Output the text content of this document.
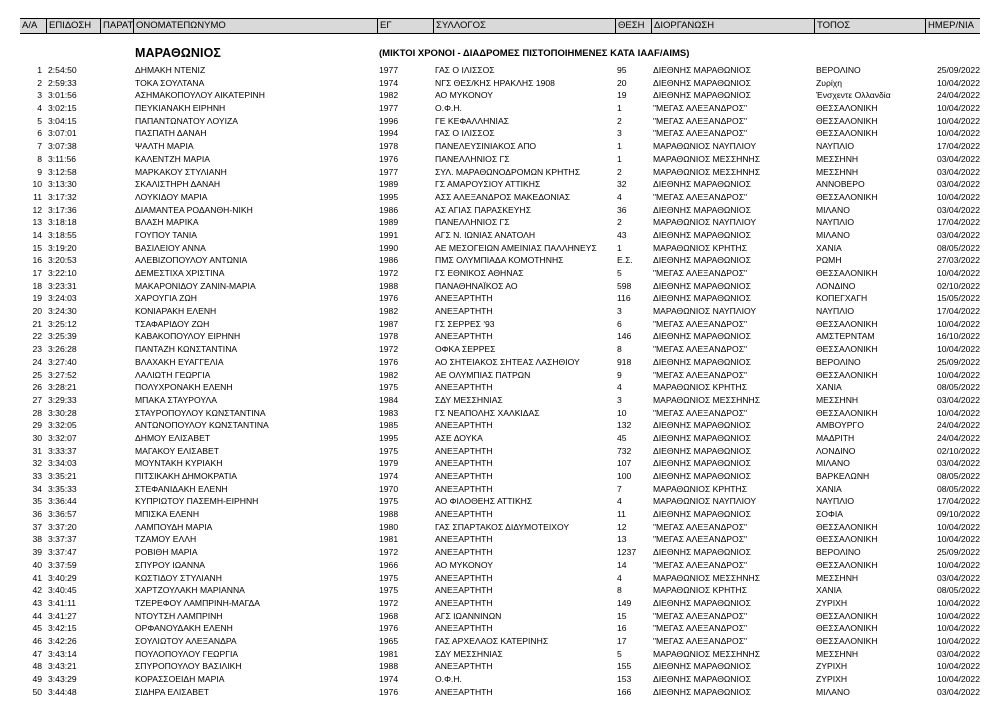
Α/Α	ΕΠΙΔΟΣΗ	ΠΑΡΑΤ ΟΝΟΜΑΤΕΠΩΝΥΜΟ	ΕΓ	ΣΥΛΛΟΓΟΣ	ΘΕΣΗ	ΔΙΟΡΓΑΝΩΣΗ	ΤΟΠΟΣ	ΗΜΕΡ/ΝΙΑ
ΜΑΡΑΘΩΝΙΟΣ	(ΜΙΚΤΟΙ ΧΡΟΝΟΙ - ΔΙΑΔΡΟΜΕΣ ΠΙΣΤΟΠΟΙΗΜΕΝΕΣ ΚΑΤΑ IAAF/AIMS)
1 2:54:50	ΔΗΜΑΚΗ ΝΤΕΝΙΖ	1977	ΓΑΣ Ο ΙΛΙΣΣΟΣ	95	ΔΙΕΘΝΗΣ ΜΑΡΑΘΩΝΙΟΣ	ΒΕΡΟΛΙΝΟ	25/09/2022
2 2:59:33	ΤΟΚΑ ΣΟΥΛΤΑΝΑ	1974	ΝΓΣ ΘΕΣ/ΚΗΣ ΗΡΑΚΛΗΣ 1908	20	ΔΙΕΘΝΗΣ ΜΑΡΑΘΩΝΙΟΣ	Ζυρίχη	10/04/2022
3 3:01:56	ΑΣΗΜΑΚΟΠΟΥΛΟΥ ΑΙΚΑΤΕΡΙΝΗ	1982	ΑΟ ΜΥΚΟΝΟΥ	19	ΔΙΕΘΝΗΣ ΜΑΡΑΘΩΝΙΟΣ	Ένσχεντε Ολλανδία	24/04/2022
4 3:02:15	ΠΕΥΚΙΑΝΑΚΗ ΕΙΡΗΝΗ	1977	Ο.Φ.Η.	1	"ΜΕΓΑΣ ΑΛΕΞΑΝΔΡΟΣ"	ΘΕΣΣΑΛΟΝΙΚΗ	10/04/2022
5 3:04:15	ΠΑΠΑΝΤΩΝΑΤΟΥ ΛΟΥΙΖΑ	1996	ΓΕ ΚΕΦΑΛΛΗΝΙΑΣ	2	"ΜΕΓΑΣ ΑΛΕΞΑΝΔΡΟΣ"	ΘΕΣΣΑΛΟΝΙΚΗ	10/04/2022
6 3:07:01	ΠΑΣΠΑΤΗ ΔΑΝΑΗ	1994	ΓΑΣ Ο ΙΛΙΣΣΟΣ	3	"ΜΕΓΑΣ ΑΛΕΞΑΝΔΡΟΣ"	ΘΕΣΣΑΛΟΝΙΚΗ	10/04/2022
7 3:07:38	ΨΑΛΤΗ ΜΑΡΙΑ	1978	ΠΑΝΕΛΕΥΣΙΝΙΑΚΟΣ ΑΠΟ	1	ΜΑΡΑΘΩΝΙΟΣ ΝΑΥΠΛΙΟΥ	ΝΑΥΠΛΙΟ	17/04/2022
8 3:11:56	ΚΑΛΕΝΤΖΗ ΜΑΡΙΑ	1976	ΠΑΝΕΛΛΗΝΙΟΣ ΓΣ	1	ΜΑΡΑΘΩΝΙΟΣ ΜΕΣΣΗΝΗΣ	ΜΕΣΣΗΝΗ	03/04/2022
9 3:12:58	ΜΑΡΚΑΚΟΥ ΣΤΥΛΙΑΝΗ	1977	ΣΥΛ. ΜΑΡΑΘΩΝΟΔΡΟΜΩΝ ΚΡΗΤΗΣ	2	ΜΑΡΑΘΩΝΙΟΣ ΜΕΣΣΗΝΗΣ	ΜΕΣΣΗΝΗ	03/04/2022
10 3:13:30	ΣΚΑΛΙΣΤΗΡΗ ΔΑΝΑΗ	1989	ΓΣ ΑΜΑΡΟΥΣΙΟΥ ΑΤΤΙΚΗΣ	32	ΔΙΕΘΝΗΣ ΜΑΡΑΘΩΝΙΟΣ	ΑΝΝΟΒΕΡΟ	03/04/2022
11 3:17:32	ΛΟΥΚΙΔΟΥ ΜΑΡΙΑ	1995	ΑΣΣ ΑΛΕΞΑΝΔΡΟΣ ΜΑΚΕΔΟΝΙΑΣ	4	"ΜΕΓΑΣ ΑΛΕΞΑΝΔΡΟΣ"	ΘΕΣΣΑΛΟΝΙΚΗ	10/04/2022
12 3:17:36	ΔΙΑΜΑΝΤΕΑ ΡΟΔΑΝΘΗ-ΝΙΚΗ	1986	ΑΣ ΑΓΙΑΣ ΠΑΡΑΣΚΕΥΗΣ	36	ΔΙΕΘΝΗΣ ΜΑΡΑΘΩΝΙΟΣ	ΜΙΛΑΝΟ	03/04/2022
13 3:18:18	ΒΛΑΣΗ ΜΑΡΙΚΑ	1989	ΠΑΝΕΛΛΗΝΙΟΣ ΓΣ	2	ΜΑΡΑΘΩΝΙΟΣ ΝΑΥΠΛΙΟΥ	ΝΑΥΠΛΙΟ	17/04/2022
14 3:18:55	ΓΟΥΠΟΥ ΤΑΝΙΑ	1991	ΑΓΣ Ν. ΙΩΝΙΑΣ ΑΝΑΤΟΛΗ	43	ΔΙΕΘΝΗΣ ΜΑΡΑΘΩΝΙΟΣ	ΜΙΛΑΝΟ	03/04/2022
15 3:19:20	ΒΑΣΙΛΕΙΟΥ ΑΝΝΑ	1990	ΑΕ ΜΕΣΟΓΕΙΩΝ ΑΜΕΙΝΙΑΣ ΠΑΛΛΗΝΕΥΣ	1	ΜΑΡΑΘΩΝΙΟΣ ΚΡΗΤΗΣ	ΧΑΝΙΑ	08/05/2022
16 3:20:53	ΑΛΕΒΙΖΟΠΟΥΛΟΥ ΑΝΤΩΝΙΑ	1986	ΠΜΣ ΟΛΥΜΠΙΑΔΑ ΚΟΜΟΤΗΝΗΣ	Ε.Σ.	ΔΙΕΘΝΗΣ ΜΑΡΑΘΩΝΙΟΣ	ΡΩΜΗ	27/03/2022
17 3:22:10	ΔΕΜΕΣΤΙΧΑ ΧΡΙΣΤΙΝΑ	1972	ΓΣ ΕΘΝΙΚΟΣ ΑΘΗΝΑΣ	5	"ΜΕΓΑΣ ΑΛΕΞΑΝΔΡΟΣ"	ΘΕΣΣΑΛΟΝΙΚΗ	10/04/2022
18 3:23:31	ΜΑΚΑΡΟΝΙΔΟΥ ΖΑΝΙΝ-ΜΑΡΙΑ	1988	ΠΑΝΑΘΗΝΑΪΚΟΣ ΑΟ	598	ΔΙΕΘΝΗΣ ΜΑΡΑΘΩΝΙΟΣ	ΛΟΝΔΙΝΟ	02/10/2022
19 3:24:03	ΧΑΡΟΥΓΙΑ ΖΩΗ	1976	ΑΝΕΞΑΡΤΗΤΗ	116	ΔΙΕΘΝΗΣ ΜΑΡΑΘΩΝΙΟΣ	ΚΟΠΕΓΧΑΓΗ	15/05/2022
20 3:24:30	ΚΟΝΙΑΡΑΚΗ ΕΛΕΝΗ	1982	ΑΝΕΞΑΡΤΗΤΗ	3	ΜΑΡΑΘΩΝΙΟΣ ΝΑΥΠΛΙΟΥ	ΝΑΥΠΛΙΟ	17/04/2022
21 3:25:12	ΤΣΑΦΑΡΙΔΟΥ ΖΩΗ	1987	ΓΣ ΣΕΡΡΕΣ '93	6	"ΜΕΓΑΣ ΑΛΕΞΑΝΔΡΟΣ"	ΘΕΣΣΑΛΟΝΙΚΗ	10/04/2022
22 3:25:39	ΚΑΒΑΚΟΠΟΥΛΟΥ ΕΙΡΗΝΗ	1978	ΑΝΕΞΑΡΤΗΤΗ	146	ΔΙΕΘΝΗΣ ΜΑΡΑΘΩΝΙΟΣ	ΑΜΣΤΕΡΝΤΑΜ	16/10/2022
23 3:26:28	ΠΑΝΤΑΖΗ ΚΩΝΣΤΑΝΤΙΝΑ	1972	ΟΦΚΑ ΣΕΡΡΕΣ	8	"ΜΕΓΑΣ ΑΛΕΞΑΝΔΡΟΣ"	ΘΕΣΣΑΛΟΝΙΚΗ	10/04/2022
24 3:27:40	ΒΛΑΧΑΚΗ ΕΥΑΓΓΕΛΙΑ	1976	ΑΟ ΣΗΤΕΙΑΚΟΣ ΣΗΤΕΑΣ ΛΑΣΗΘΙΟΥ	918	ΔΙΕΘΝΗΣ ΜΑΡΑΘΩΝΙΟΣ	ΒΕΡΟΛΙΝΟ	25/09/2022
25 3:27:52	ΛΑΛΙΩΤΗ ΓΕΩΡΓΙΑ	1982	ΑΕ ΟΛΥΜΠΙΑΣ ΠΑΤΡΩΝ	9	"ΜΕΓΑΣ ΑΛΕΞΑΝΔΡΟΣ"	ΘΕΣΣΑΛΟΝΙΚΗ	10/04/2022
26 3:28:21	ΠΟΛΥΧΡΟΝΑΚΗ ΕΛΕΝΗ	1975	ΑΝΕΞΑΡΤΗΤΗ	4	ΜΑΡΑΘΩΝΙΟΣ ΚΡΗΤΗΣ	ΧΑΝΙΑ	08/05/2022
27 3:29:33	ΜΠΑΚΑ ΣΤΑΥΡΟΥΛΑ	1984	ΣΔΥ ΜΕΣΣΗΝΙΑΣ	3	ΜΑΡΑΘΩΝΙΟΣ ΜΕΣΣΗΝΗΣ	ΜΕΣΣΗΝΗ	03/04/2022
28 3:30:28	ΣΤΑΥΡΟΠΟΥΛΟΥ ΚΩΝΣΤΑΝΤΙΝΑ	1983	ΓΣ ΝΕΑΠΟΛΗΣ ΧΑΛΚΙΔΑΣ	10	"ΜΕΓΑΣ ΑΛΕΞΑΝΔΡΟΣ"	ΘΕΣΣΑΛΟΝΙΚΗ	10/04/2022
29 3:32:05	ΑΝΤΩΝΟΠΟΥΛΟΥ ΚΩΝΣΤΑΝΤΙΝΑ	1985	ΑΝΕΞΑΡΤΗΤΗ	132	ΔΙΕΘΝΗΣ ΜΑΡΑΘΩΝΙΟΣ	ΑΜΒΟΥΡΓΟ	24/04/2022
30 3:32:07	ΔΗΜΟΥ ΕΛΙΣΑΒΕΤ	1995	ΑΣΕ ΔΟΥΚΑ	45	ΔΙΕΘΝΗΣ ΜΑΡΑΘΩΝΙΟΣ	ΜΑΔΡΙΤΗ	24/04/2022
31 3:33:37	ΜΑΓΑΚΟΥ ΕΛΙΣΑΒΕΤ	1975	ΑΝΕΞΑΡΤΗΤΗ	732	ΔΙΕΘΝΗΣ ΜΑΡΑΘΩΝΙΟΣ	ΛΟΝΔΙΝΟ	02/10/2022
32 3:34:03	ΜΟΥΝΤΑΚΗ ΚΥΡΙΑΚΗ	1979	ΑΝΕΞΑΡΤΗΤΗ	107	ΔΙΕΘΝΗΣ ΜΑΡΑΘΩΝΙΟΣ	ΜΙΛΑΝΟ	03/04/2022
33 3:35:21	ΠΙΤΣΙΚΑΚΗ ΔΗΜΟΚΡΑΤΙΑ	1974	ΑΝΕΞΑΡΤΗΤΗ	100	ΔΙΕΘΝΗΣ ΜΑΡΑΘΩΝΙΟΣ	ΒΑΡΚΕΛΩΝΗ	08/05/2022
34 3:35:33	ΣΤΕΦΑΝΙΔΑΚΗ ΕΛΕΝΗ	1970	ΑΝΕΞΑΡΤΗΤΗ	7	ΜΑΡΑΘΩΝΙΟΣ ΚΡΗΤΗΣ	ΧΑΝΙΑ	08/05/2022
35 3:36:44	ΚΥΠΡΙΩΤΟΥ ΠΑΣΕΜΗ-ΕΙΡΗΝΗ	1975	ΑΟ ΦΙΛΟΘΕΗΣ ΑΤΤΙΚΗΣ	4	ΜΑΡΑΘΩΝΙΟΣ ΝΑΥΠΛΙΟΥ	ΝΑΥΠΛΙΟ	17/04/2022
36 3:36:57	ΜΠΙΣΚΑ ΕΛΕΝΗ	1988	ΑΝΕΞΑΡΤΗΤΗ	11	ΔΙΕΘΝΗΣ ΜΑΡΑΘΩΝΙΟΣ	ΣΟΦΙΑ	09/10/2022
37 3:37:20	ΛΑΜΠΟΥΔΗ ΜΑΡΙΑ	1980	ΓΑΣ ΣΠΑΡΤΑΚΟΣ ΔΙΔΥΜΟΤΕΙΧΟΥ	12	"ΜΕΓΑΣ ΑΛΕΞΑΝΔΡΟΣ"	ΘΕΣΣΑΛΟΝΙΚΗ	10/04/2022
38 3:37:37	ΤΖΑΜΟΥ ΕΛΛΗ	1981	ΑΝΕΞΑΡΤΗΤΗ	13	"ΜΕΓΑΣ ΑΛΕΞΑΝΔΡΟΣ"	ΘΕΣΣΑΛΟΝΙΚΗ	10/04/2022
39 3:37:47	ΡΟΒΙΘΗ ΜΑΡΙΑ	1972	ΑΝΕΞΑΡΤΗΤΗ	1237	ΔΙΕΘΝΗΣ ΜΑΡΑΘΩΝΙΟΣ	ΒΕΡΟΛΙΝΟ	25/09/2022
40 3:37:59	ΣΠΥΡΟΥ ΙΩΑΝΝΑ	1966	ΑΟ ΜΥΚΟΝΟΥ	14	"ΜΕΓΑΣ ΑΛΕΞΑΝΔΡΟΣ"	ΘΕΣΣΑΛΟΝΙΚΗ	10/04/2022
41 3:40:29	ΚΩΣΤΙΔΟΥ ΣΤΥΛΙΑΝΗ	1975	ΑΝΕΞΑΡΤΗΤΗ	4	ΜΑΡΑΘΩΝΙΟΣ ΜΕΣΣΗΝΗΣ	ΜΕΣΣΗΝΗ	03/04/2022
42 3:40:45	ΧΑΡΤΖΟΥΛΑΚΗ ΜΑΡΙΑΝΝΑ	1975	ΑΝΕΞΑΡΤΗΤΗ	8	ΜΑΡΑΘΩΝΙΟΣ ΚΡΗΤΗΣ	ΧΑΝΙΑ	08/05/2022
43 3:41:11	ΤΖΕΡΕΦΟΥ ΛΑΜΠΡΙΝΗ-ΜΑΓΔΑ	1972	ΑΝΕΞΑΡΤΗΤΗ	149	ΔΙΕΘΝΗΣ ΜΑΡΑΘΩΝΙΟΣ	ΖΥΡΙΧΗ	10/04/2022
44 3:41:27	ΝΤΟΥΤΣΗ ΛΑΜΠΡΙΝΗ	1968	ΑΓΣ ΙΩΑΝΝΙΝΩΝ	15	"ΜΕΓΑΣ ΑΛΕΞΑΝΔΡΟΣ"	ΘΕΣΣΑΛΟΝΙΚΗ	10/04/2022
45 3:42:15	ΟΡΦΑΝΟΥΔΑΚΗ ΕΛΕΝΗ	1976	ΑΝΕΞΑΡΤΗΤΗ	16	"ΜΕΓΑΣ ΑΛΕΞΑΝΔΡΟΣ"	ΘΕΣΣΑΛΟΝΙΚΗ	10/04/2022
46 3:42:26	ΣΟΥΛΙΩΤΟΥ ΑΛΕΞΑΝΔΡΑ	1965	ΓΑΣ ΑΡΧΕΛΑΟΣ ΚΑΤΕΡΙΝΗΣ	17	"ΜΕΓΑΣ ΑΛΕΞΑΝΔΡΟΣ"	ΘΕΣΣΑΛΟΝΙΚΗ	10/04/2022
47 3:43:14	ΠΟΥΛΟΠΟΥΛΟΥ ΓΕΩΡΓΙΑ	1981	ΣΔΥ ΜΕΣΣΗΝΙΑΣ	5	ΜΑΡΑΘΩΝΙΟΣ ΜΕΣΣΗΝΗΣ	ΜΕΣΣΗΝΗ	03/04/2022
48 3:43:21	ΣΠΥΡΟΠΟΥΛΟΥ ΒΑΣΙΛΙΚΗ	1988	ΑΝΕΞΑΡΤΗΤΗ	155	ΔΙΕΘΝΗΣ ΜΑΡΑΘΩΝΙΟΣ	ΖΥΡΙΧΗ	10/04/2022
49 3:43:29	ΚΟΡΑΣΣΟΕΙΔΗ ΜΑΡΙΑ	1974	Ο.Φ.Η.	153	ΔΙΕΘΝΗΣ ΜΑΡΑΘΩΝΙΟΣ	ΖΥΡΙΧΗ	10/04/2022
50 3:44:48	ΣΙΔΗΡΑ ΕΛΙΣΑΒΕΤ	1976	ΑΝΕΞΑΡΤΗΤΗ	166	ΔΙΕΘΝΗΣ ΜΑΡΑΘΩΝΙΟΣ	ΜΙΛΑΝΟ	03/04/2022
